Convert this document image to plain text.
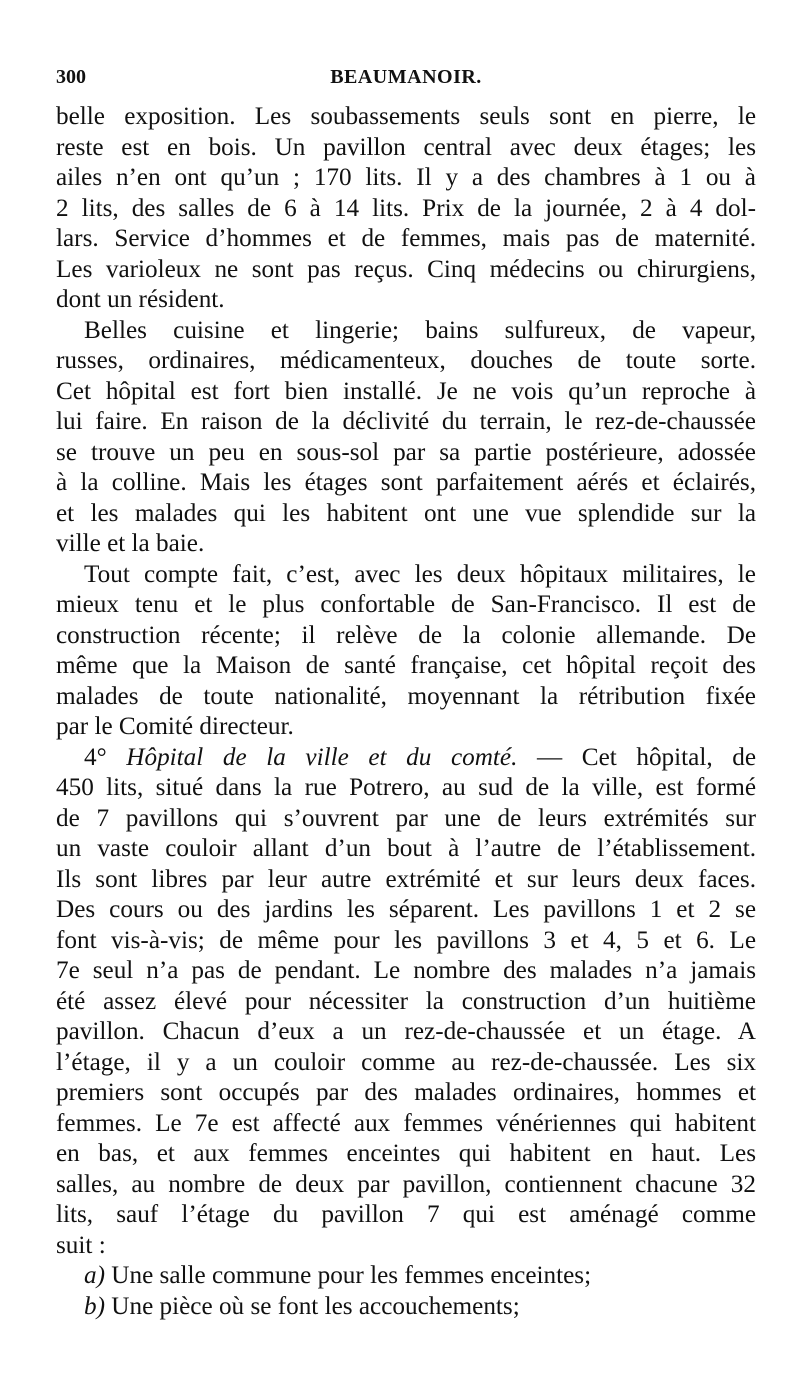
300	BEAUMANOIR.
belle exposition. Les soubassements seuls sont en pierre, le
reste est en bois. Un pavillon central avec deux étages; les
ailes n’en ont qu’un ; 170 lits. Il y a des chambres à 1 ou à
2 lits, des salles de 6 à 14 lits. Prix de la journée, 2 à 4 dol-
lars. Service d’hommes et de femmes, mais pas de maternité.
Les varioleux ne sont pas reçus. Cinq médecins ou chirurgiens,
dont un résident.
Belles cuisine et lingerie; bains sulfureux, de vapeur,
russes, ordinaires, médicamenteux, douches de toute sorte.
Cet hôpital est fort bien installé. Je ne vois qu’un reproche à
lui faire. En raison de la déclivité du terrain, le rez-de-chaussée
se trouve un peu en sous-sol par sa partie postérieure, adossée
à la colline. Mais les étages sont parfaitement aérés et éclairés,
et les malades qui les habitent ont une vue splendide sur la
ville et la baie.
Tout compte fait, c’est, avec les deux hôpitaux militaires, le
mieux tenu et le plus confortable de San-Francisco. Il est de
construction récente; il relève de la colonie allemande. De
même que la Maison de santé française, cet hôpital reçoit des
malades de toute nationalité, moyennant la rétribution fixée
par le Comité directeur.
4° Hôpital de la ville et du comté. — Cet hôpital, de
450 lits, situé dans la rue Potrero, au sud de la ville, est formé
de 7 pavillons qui s’ouvrent par une de leurs extrémités sur
un vaste couloir allant d’un bout à l’autre de l’établissement.
Ils sont libres par leur autre extrémité et sur leurs deux faces.
Des cours ou des jardins les séparent. Les pavillons 1 et 2 se
font vis-à-vis; de même pour les pavillons 3 et 4, 5 et 6. Le
7e seul n’a pas de pendant. Le nombre des malades n’a jamais
été assez élevé pour nécessiter la construction d’un huitième
pavillon. Chacun d’eux a un rez-de-chaussée et un étage. A
l’étage, il y a un couloir comme au rez-de-chaussée. Les six
premiers sont occupés par des malades ordinaires, hommes et
femmes. Le 7e est affecté aux femmes vénériennes qui habitent
en bas, et aux femmes enceintes qui habitent en haut. Les
salles, au nombre de deux par pavillon, contiennent chacune 32
lits, sauf l’étage du pavillon 7 qui est aménagé comme
suit :
a) Une salle commune pour les femmes enceintes;
b) Une pièce où se font les accouchements;
